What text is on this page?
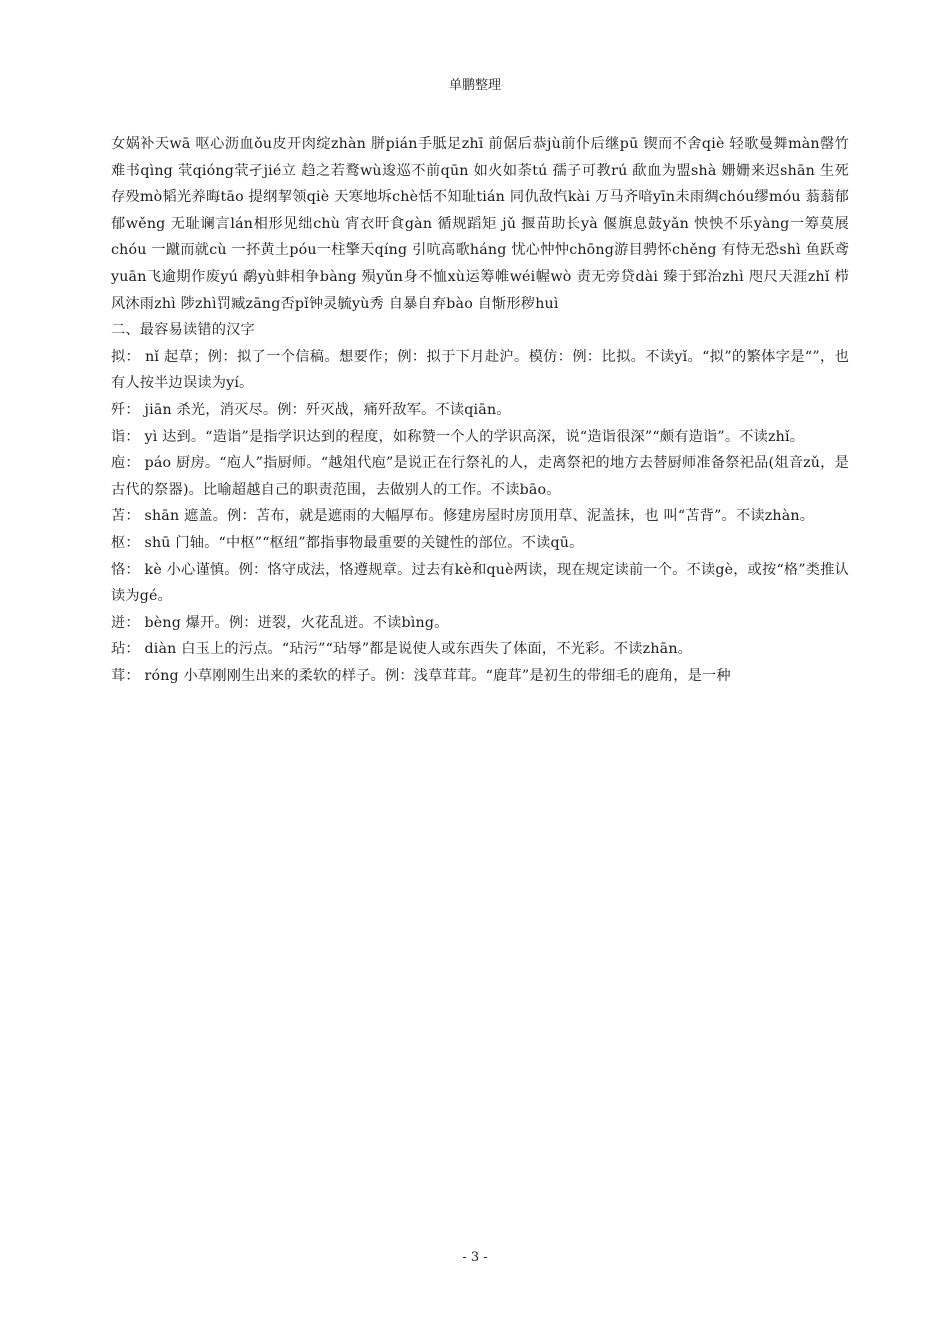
单鹏整理

女娲补天wā 呕心沥血ǒu皮开肉绽zhàn 胼pián手胝足zhī 前倨后恭jù前仆后继pū 锲而不舍qiè 轻歌曼舞màn罄竹难书qìng 茕qióng茕孑jié立 趋之若鹜wù逡巡不前qūn 如火如荼tú 孺子可教rú 歃血为盟shà 姗姗来迟shān 生死存殁mò韬光养晦tāo 提纲挈领qiè 天寒地坼chè恬不知耻tián 同仇敌忾kài 万马齐喑yīn未雨绸chóu缪móu 蓊蓊郁郁wěng 无耻谰言lán相形见绌chù 宵衣旰食gàn 循规蹈矩 jǔ 揠苗助长yà 偃旗息鼓yǎn 怏怏不乐yàng一筹莫展chóu 一蹴而就cù 一抔黄土póu一柱擎天qíng 引吭高歌háng 忧心忡忡chōng游目骋怀chěng 有恃无恐shì 鱼跃鸢yuān飞逾期作废yú 鹬yù蚌相争bàng 殒yǔn身不恤xù运筹帷wéi幄wò 责无旁贷dài 臻于郅治zhì 咫尺天涯zhǐ 栉风沐雨zhì 陟zhì罚臧zāng否pǐ钟灵毓yù秀 自暴自弃bào 自惭形秽huì

二、最容易读错的汉字

拟： nǐ 起草；例：拟了一个信稿。想要作；例：拟于下月赴沪。模仿：例：比拟。不读yǐ。“拟”的繁体字是“”，也有人按半边误读为yí。

歼： jiān 杀光，消灭尽。例：歼灭战，痛歼敌军。不读qiān。

诣： yì 达到。“造诣”是指学识达到的程度，如称赞一个人的学识高深，说“造诣很深”“颇有造诣”。不读zhǐ。

庖： páo 厨房。“庖人”指厨师。“越俎代庖”是说正在行祭礼的人，走离祭祀的地方去替厨师准备祭祀品(俎音zǔ，是古代的祭器)。比喻超越自己的职责范围，去做别人的工作。不读bāo。

苫： shān 遮盖。例：苫布，就是遮雨的大幅厚布。修建房屋时房顶用草、泥盖抹，也 叫“苫背”。不读zhàn。

枢： shū 门轴。“中枢”“枢纽”都指事物最重要的关键性的部位。不读qū。

恪： kè 小心谨慎。例：恪守成法，恪遵规章。过去有kè和què两读，现在规定读前一个。不读gè，或按“格”类推认读为gé。

迸： bèng 爆开。例：迸裂，火花乱迸。不读bìng。

玷： diàn 白玉上的污点。“玷污”“玷辱”都是说使人或东西失了体面，不光彩。不读zhān。

茸： róng 小草刚刚生出来的柔软的样子。例：浅草茸茸。“鹿茸”是初生的带细毛的鹿角，是一种

- 3 -
